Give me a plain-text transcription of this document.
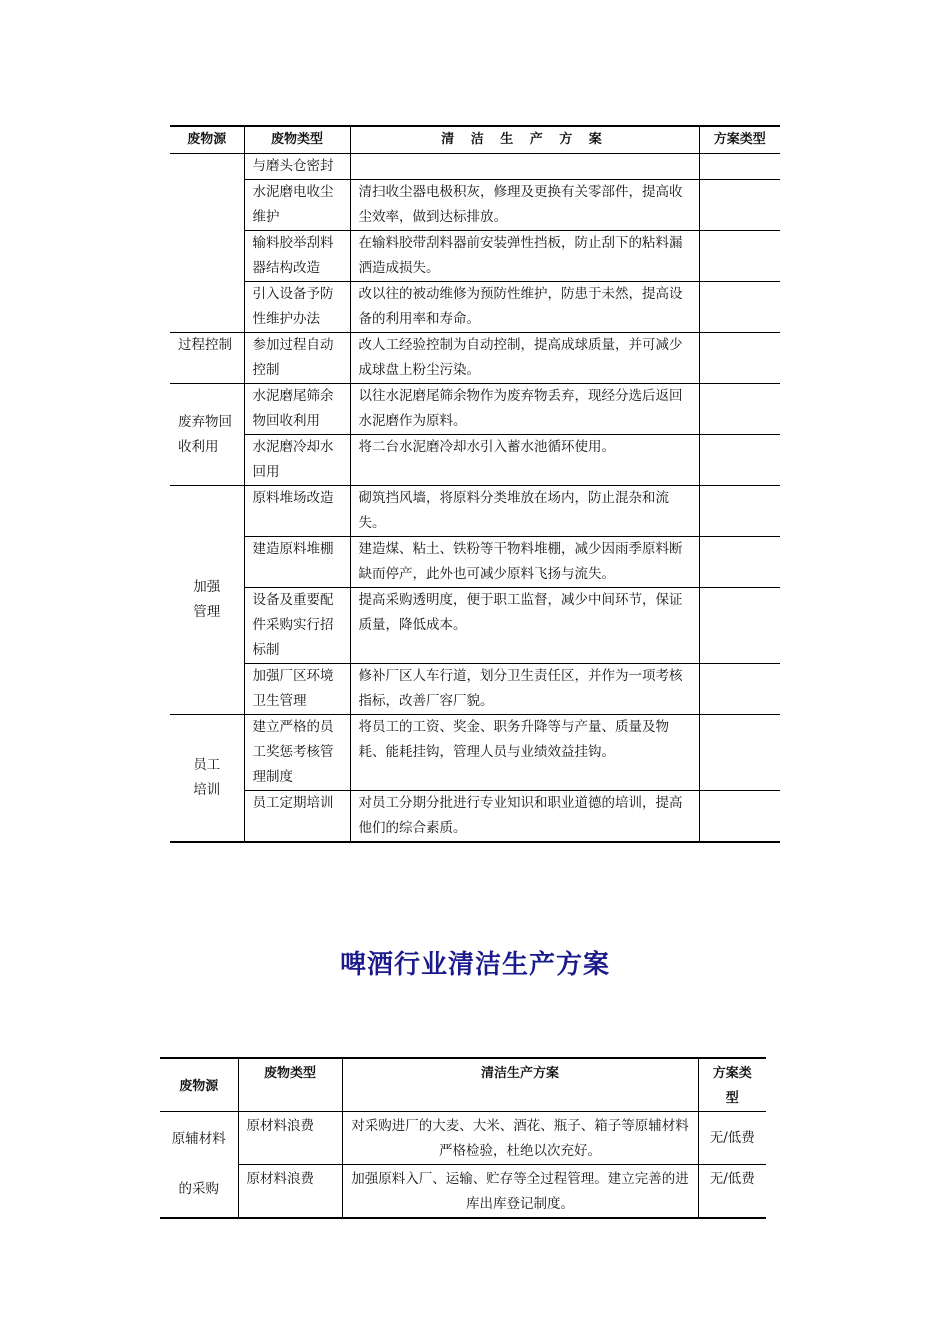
废物源	废物类型	清 洁 生 产 方 案	方案类型
	与磨头仓密封		
	水泥磨电收尘维护	清扫收尘器电极积灰，修理及更换有关零部件，提高收尘效率，做到达标排放。	
	输料胶举刮料器结构改造	在输料胶带刮料器前安装弹性挡板，防止刮下的粘料漏洒造成损失。	
	引入设备予防性维护办法	改以往的被动维修为预防性维护，防患于未然，提高设备的利用率和寿命。	
过程控制	参加过程自动控制	改人工经验控制为自动控制，提高成球质量，并可减少成球盘上粉尘污染。	
废弃物回收利用	水泥磨尾筛余物回收利用	以往水泥磨尾筛余物作为废弃物丢弃，现经分选后返回水泥磨作为原料。	
	水泥磨冷却水回用	将二台水泥磨冷却水引入蓄水池循环使用。	
加强管理	原料堆场改造	砌筑挡风墙，将原料分类堆放在场内，防止混杂和流失。	
	建造原料堆棚	建造煤、粘土、铁粉等干物料堆棚，减少因雨季原料断缺而停产，此外也可减少原料飞扬与流失。	
	设备及重要配件采购实行招标制	提高采购透明度，便于职工监督，减少中间环节，保证质量，降低成本。	
	加强厂区环境卫生管理	修补厂区人车行道，划分卫生责任区，并作为一项考核指标，改善厂容厂貌。	
员工培训	建立严格的员工奖惩考核管理制度	将员工的工资、奖金、职务升降等与产量、质量及物耗、能耗挂钩，管理人员与业绩效益挂钩。	
	员工定期培训	对员工分期分批进行专业知识和职业道德的培训，提高他们的综合素质。	
啤酒行业清洁生产方案
废物源	废物类型	清洁生产方案	方案类型
原辅材料的采购	原材料浪费	对采购进厂的大麦、大米、酒花、瓶子、箱子等原辅材料严格检验，杜绝以次充好。	无/低费
	原材料浪费	加强原料入厂、运输、贮存等全过程管理。建立完善的进库出库登记制度。	无/低费
